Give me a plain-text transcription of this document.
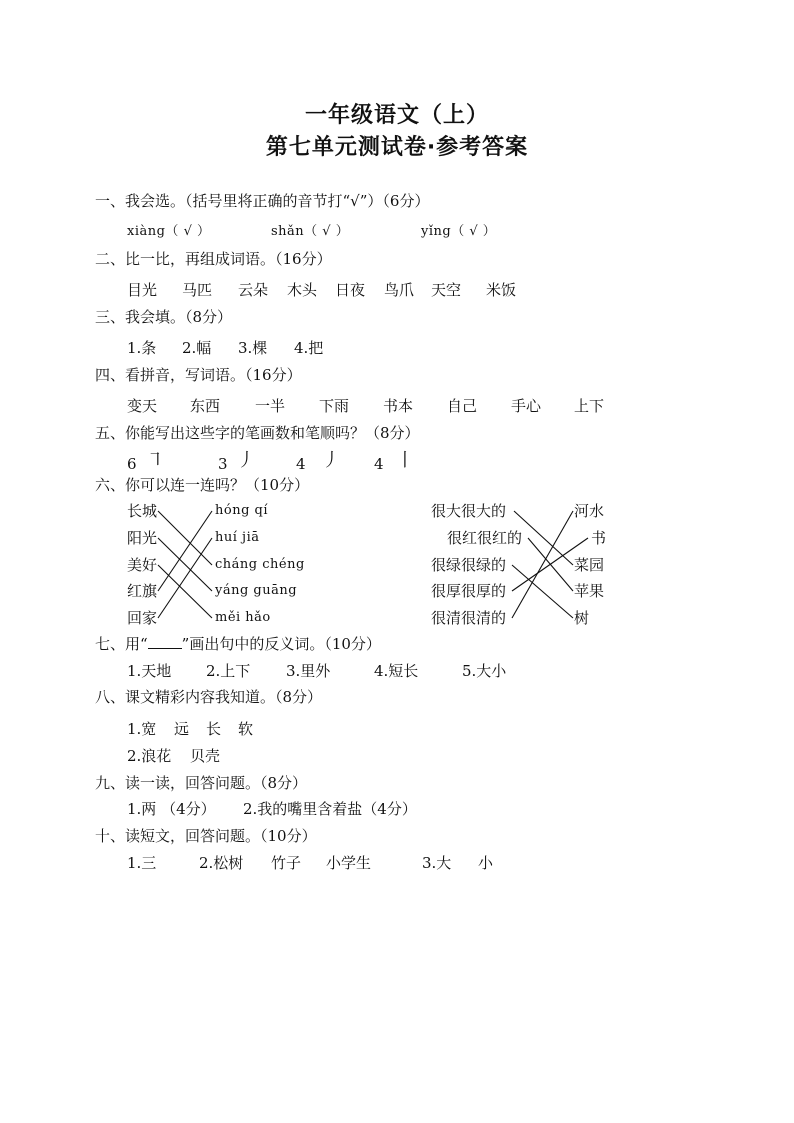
一年级语文（上）
第七单元测试卷·参考答案
一、我会选。（括号里将正确的音节打“√”）（6分）
xiàng（ √ ）	shǎn（ √ ）	yǐng（ √ ）
二、比一比，再组成词语。（16分）
目光 马匹 云朵 木头 日夜 鸟爪 天空 米饭
三、我会填。（8分）
1.条 2.幅 3.棵 4.把
四、看拼音，写词语。（16分）
变天 东西 一半 下雨 书本 自己 手心 上下
五、你能写出这些字的笔画数和笔顺吗？（8分）
6 ㇕	3 丿	4 丿 4 丨
六、你可以连一连吗？（10分）
长城
阳光
美好
红旗
回家
hóng qí
huí jiā
cháng chéng
yáng guāng
měi hǎo
很大很大的
很红很红的
很绿很绿的
很厚很厚的
很清很清的
河水
书
菜园
苹果
树
七、用“ ”画出句中的反义词。（10分）
1.天地 2.上下 3.里外	4.短长	5.大小
八、课文精彩内容我知道。（8分）
1.宽 远 长 软
2.浪花 贝壳
九、读一读，回答问题。（8分）
1.两 （4分） 2.我的嘴里含着盐（4分）
十、读短文，回答问题。（10分）
1.三	2.松树 竹子 小学生	3.大 小
